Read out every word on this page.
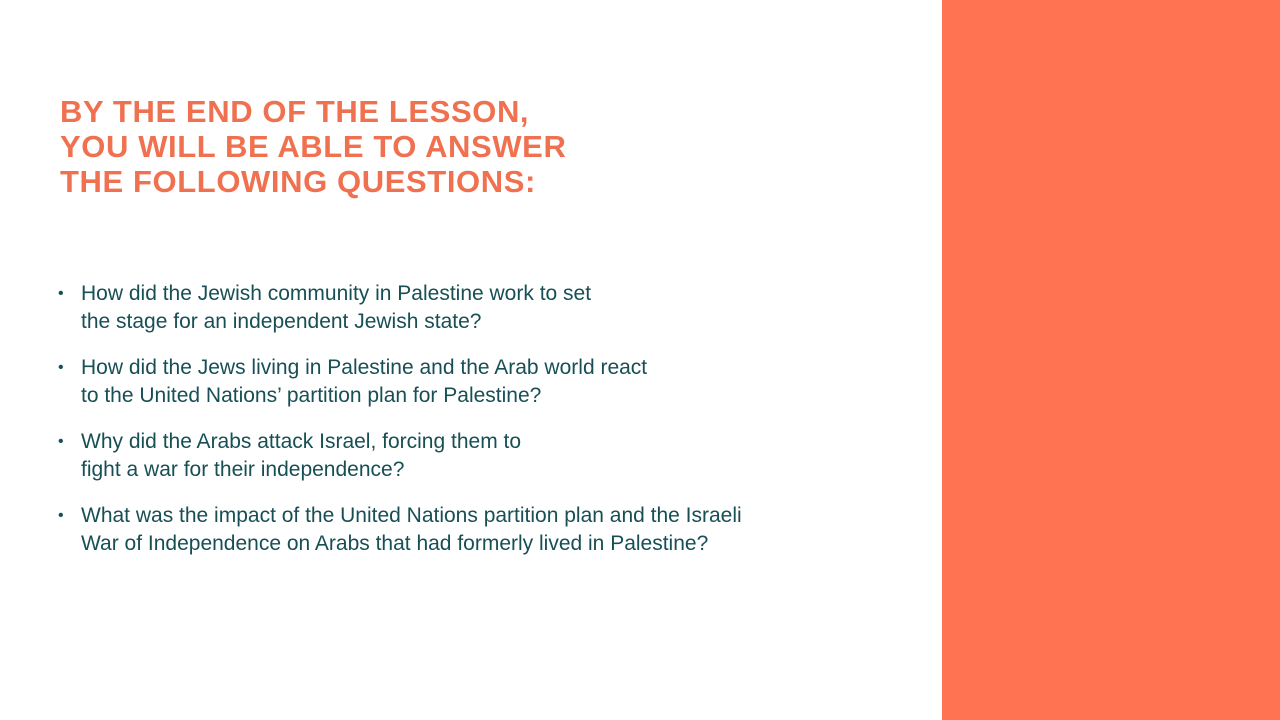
BY THE END OF THE LESSON,
YOU WILL BE ABLE TO ANSWER
THE FOLLOWING QUESTIONS:
• How did the Jewish community in Palestine work to set
the stage for an independent Jewish state?
• How did the Jews living in Palestine and the Arab world react
to the United Nations’ partition plan for Palestine?
• Why did the Arabs attack Israel, forcing them to
fight a war for their independence?
• What was the impact of the United Nations partition plan and the Israeli
War of Independence on Arabs that had formerly lived in Palestine?
